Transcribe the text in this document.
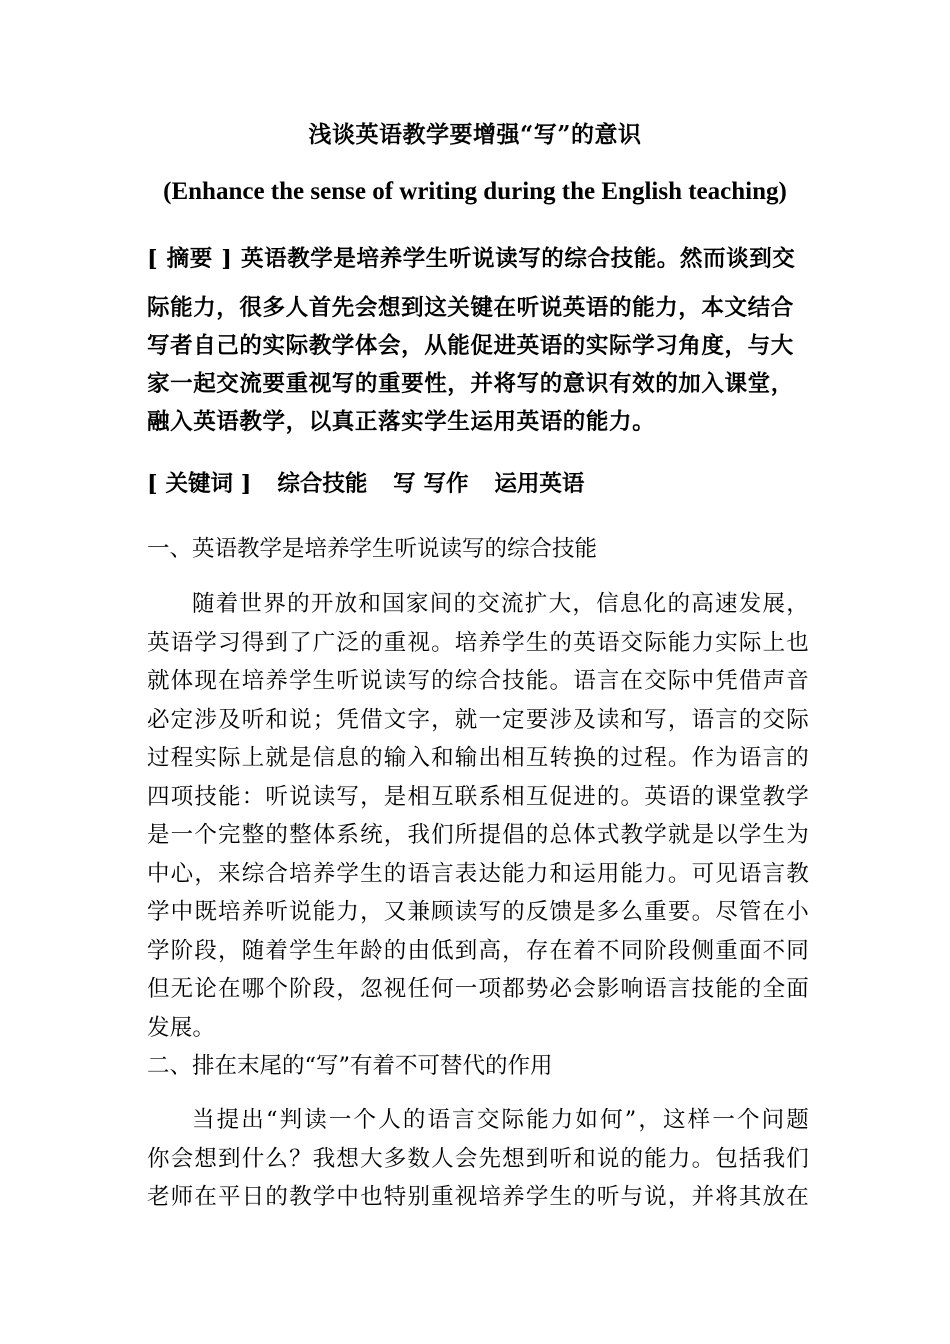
浅谈英语教学要增强“写”的意识
(Enhance the sense of writing during the English teaching)
[ 摘要 ] 英语教学是培养学生听说读写的综合技能。然而谈到交
际能力，很多人首先会想到这关键在听说英语的能力，本文结合
写者自己的实际教学体会，从能促进英语的实际学习角度，与大
家一起交流要重视写的重要性，并将写的意识有效的加入课堂，
融入英语教学，以真正落实学生运用英语的能力。
[ 关键词 ] 综合技能 写 写作 运用英语
一、英语教学是培养学生听说读写的综合技能
随着世界的开放和国家间的交流扩大，信息化的高速发展，
英语学习得到了广泛的重视。培养学生的英语交际能力实际上也
就体现在培养学生听说读写的综合技能。语言在交际中凭借声音
必定涉及听和说；凭借文字，就一定要涉及读和写，语言的交际
过程实际上就是信息的输入和输出相互转换的过程。作为语言的
四项技能：听说读写，是相互联系相互促进的。英语的课堂教学
是一个完整的整体系统，我们所提倡的总体式教学就是以学生为
中心，来综合培养学生的语言表达能力和运用能力。可见语言教
学中既培养听说能力，又兼顾读写的反馈是多么重要。尽管在小
学阶段，随着学生年龄的由低到高，存在着不同阶段侧重面不同
但无论在哪个阶段，忽视任何一项都势必会影响语言技能的全面
发展。
二、排在末尾的“写”有着不可替代的作用
当提出“判读一个人的语言交际能力如何”，这样一个问题
你会想到什么？我想大多数人会先想到听和说的能力。包括我们
老师在平日的教学中也特别重视培养学生的听与说，并将其放在
